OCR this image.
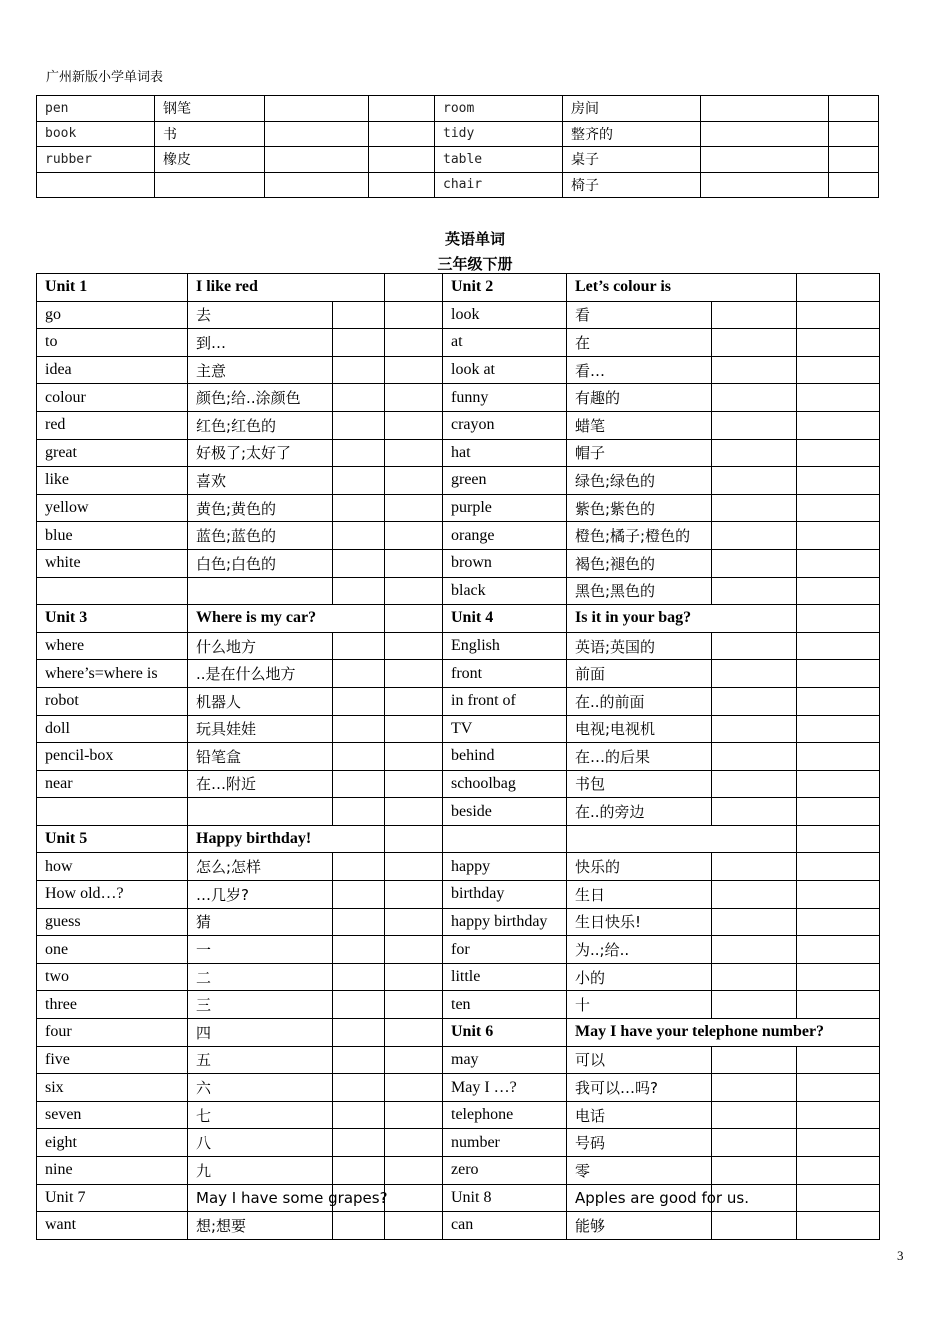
广州新版小学单词表
pen	钢笔			room	房间		
book	书			tidy	整齐的		
rubber	橡皮			table	桌子		
				chair	椅子		
英语单词
三年级下册
Unit 1	I like red			Unit 2	Let’s colour is		
go	去			look	看		
to	到…			at	在		
idea	主意			look at	看…		
colour	颜色;给..涂颜色			funny	有趣的		
red	红色;红色的			crayon	蜡笔		
great	好极了;太好了			hat	帽子		
like	喜欢			green	绿色;绿色的		
yellow	黄色;黄色的			purple	紫色;紫色的		
blue	蓝色;蓝色的			orange	橙色;橘子;橙色的		
white	白色;白色的			brown	褐色;褪色的		
				black	黑色;黑色的		
Unit 3	Where is my car?			Unit 4	Is it in your bag?		
where	什么地方			English	英语;英国的		
where’s=where is	..是在什么地方			front	前面		
robot	机器人			in front of	在..的前面		
doll	玩具娃娃			TV	电视;电视机		
pencil-box	铅笔盒			behind	在…的后果		
near	在…附近			schoolbag	书包		
				beside	在..的旁边		
Unit 5	Happy birthday!						
how	怎么;怎样			happy	快乐的		
How old…?	…几岁?			birthday	生日		
guess	猜			happy birthday	生日快乐!		
one	一			for	为..;给..		
two	二			little	小的		
three	三			ten	十		
four	四			Unit 6	May I have your telephone number?		
five	五			may	可以		
six	六			May I …?	我可以…吗?		
seven	七			telephone	电话		
eight	八			number	号码		
nine	九			zero	零		
Unit 7	May I have some grapes?			Unit 8	Apples are good for us.		
want	想;想要			can	能够		
3
